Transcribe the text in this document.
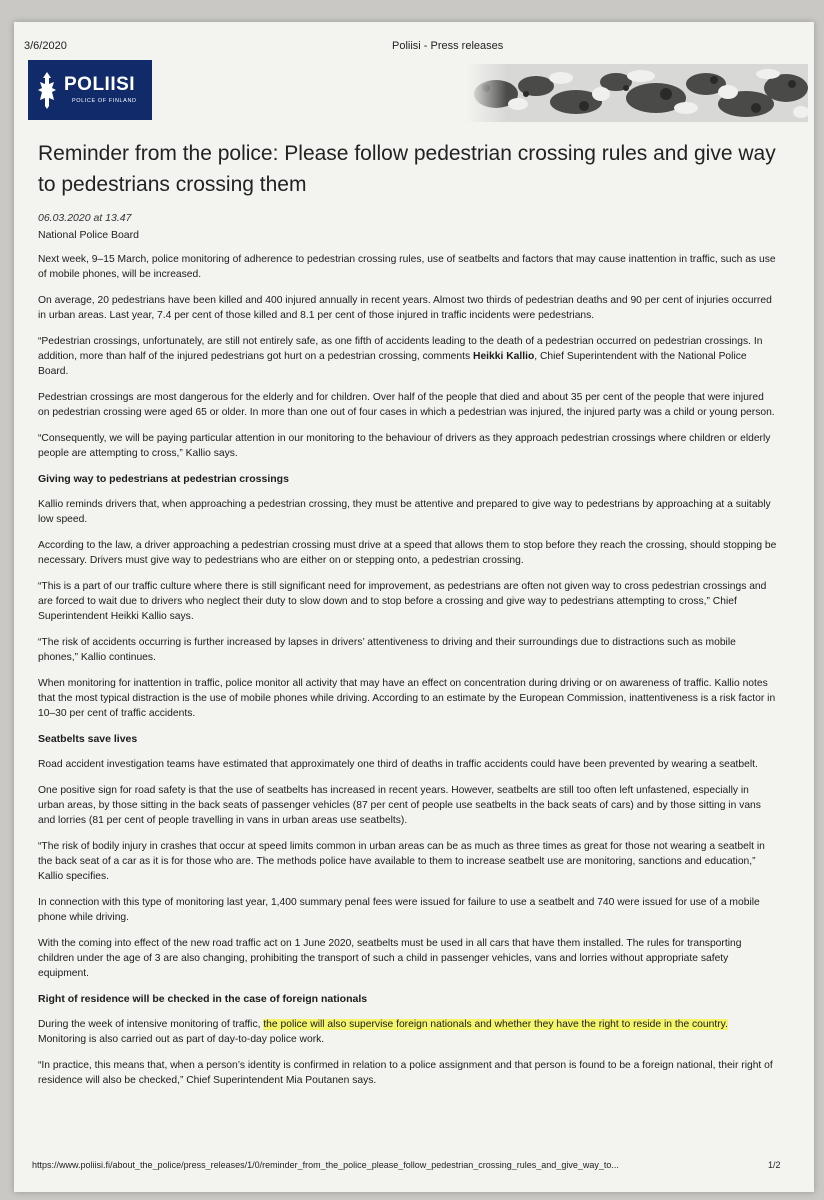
3/6/2020	Poliisi - Press releases
POLIISI
POLICE OF FINLAND
Reminder from the police: Please follow pedestrian crossing rules and give way to pedestrians crossing them
06.03.2020 at 13.47
National Police Board

Next week, 9–15 March, police monitoring of adherence to pedestrian crossing rules, use of seatbelts and factors that may cause inattention in traffic, such as use of mobile phones, will be increased.

On average, 20 pedestrians have been killed and 400 injured annually in recent years. Almost two thirds of pedestrian deaths and 90 per cent of injuries occurred in urban areas. Last year, 7.4 per cent of those killed and 8.1 per cent of those injured in traffic incidents were pedestrians.

“Pedestrian crossings, unfortunately, are still not entirely safe, as one fifth of accidents leading to the death of a pedestrian occurred on pedestrian crossings. In addition, more than half of the injured pedestrians got hurt on a pedestrian crossing, comments Heikki Kallio, Chief Superintendent with the National Police Board.

Pedestrian crossings are most dangerous for the elderly and for children. Over half of the people that died and about 35 per cent of the people that were injured on pedestrian crossing were aged 65 or older. In more than one out of four cases in which a pedestrian was injured, the injured party was a child or young person.

“Consequently, we will be paying particular attention in our monitoring to the behaviour of drivers as they approach pedestrian crossings where children or elderly people are attempting to cross,” Kallio says.

Giving way to pedestrians at pedestrian crossings

Kallio reminds drivers that, when approaching a pedestrian crossing, they must be attentive and prepared to give way to pedestrians by approaching at a suitably low speed.

According to the law, a driver approaching a pedestrian crossing must drive at a speed that allows them to stop before they reach the crossing, should stopping be necessary. Drivers must give way to pedestrians who are either on or stepping onto, a pedestrian crossing.

“This is a part of our traffic culture where there is still significant need for improvement, as pedestrians are often not given way to cross pedestrian crossings and are forced to wait due to drivers who neglect their duty to slow down and to stop before a crossing and give way to pedestrians attempting to cross,” Chief Superintendent Heikki Kallio says.

“The risk of accidents occurring is further increased by lapses in drivers’ attentiveness to driving and their surroundings due to distractions such as mobile phones,” Kallio continues.

When monitoring for inattention in traffic, police monitor all activity that may have an effect on concentration during driving or on awareness of traffic. Kallio notes that the most typical distraction is the use of mobile phones while driving. According to an estimate by the European Commission, inattentiveness is a risk factor in 10–30 per cent of traffic accidents.

Seatbelts save lives

Road accident investigation teams have estimated that approximately one third of deaths in traffic accidents could have been prevented by wearing a seatbelt.

One positive sign for road safety is that the use of seatbelts has increased in recent years. However, seatbelts are still too often left unfastened, especially in urban areas, by those sitting in the back seats of passenger vehicles (87 per cent of people use seatbelts in the back seats of cars) and by those sitting in vans and lorries (81 per cent of people travelling in vans in urban areas use seatbelts).

“The risk of bodily injury in crashes that occur at speed limits common in urban areas can be as much as three times as great for those not wearing a seatbelt in the back seat of a car as it is for those who are. The methods police have available to them to increase seatbelt use are monitoring, sanctions and education,” Kallio specifies.

In connection with this type of monitoring last year, 1,400 summary penal fees were issued for failure to use a seatbelt and 740 were issued for use of a mobile phone while driving.

With the coming into effect of the new road traffic act on 1 June 2020, seatbelts must be used in all cars that have them installed. The rules for transporting children under the age of 3 are also changing, prohibiting the transport of such a child in passenger vehicles, vans and lorries without appropriate safety equipment.

Right of residence will be checked in the case of foreign nationals

During the week of intensive monitoring of traffic, the police will also supervise foreign nationals and whether they have the right to reside in the country. Monitoring is also carried out as part of day-to-day police work.

“In practice, this means that, when a person’s identity is confirmed in relation to a police assignment and that person is found to be a foreign national, their right of residence will also be checked,” Chief Superintendent Mia Poutanen says.

https://www.poliisi.fi/about_the_police/press_releases/1/0/reminder_from_the_police_please_follow_pedestrian_crossing_rules_and_give_way_to...	1/2
